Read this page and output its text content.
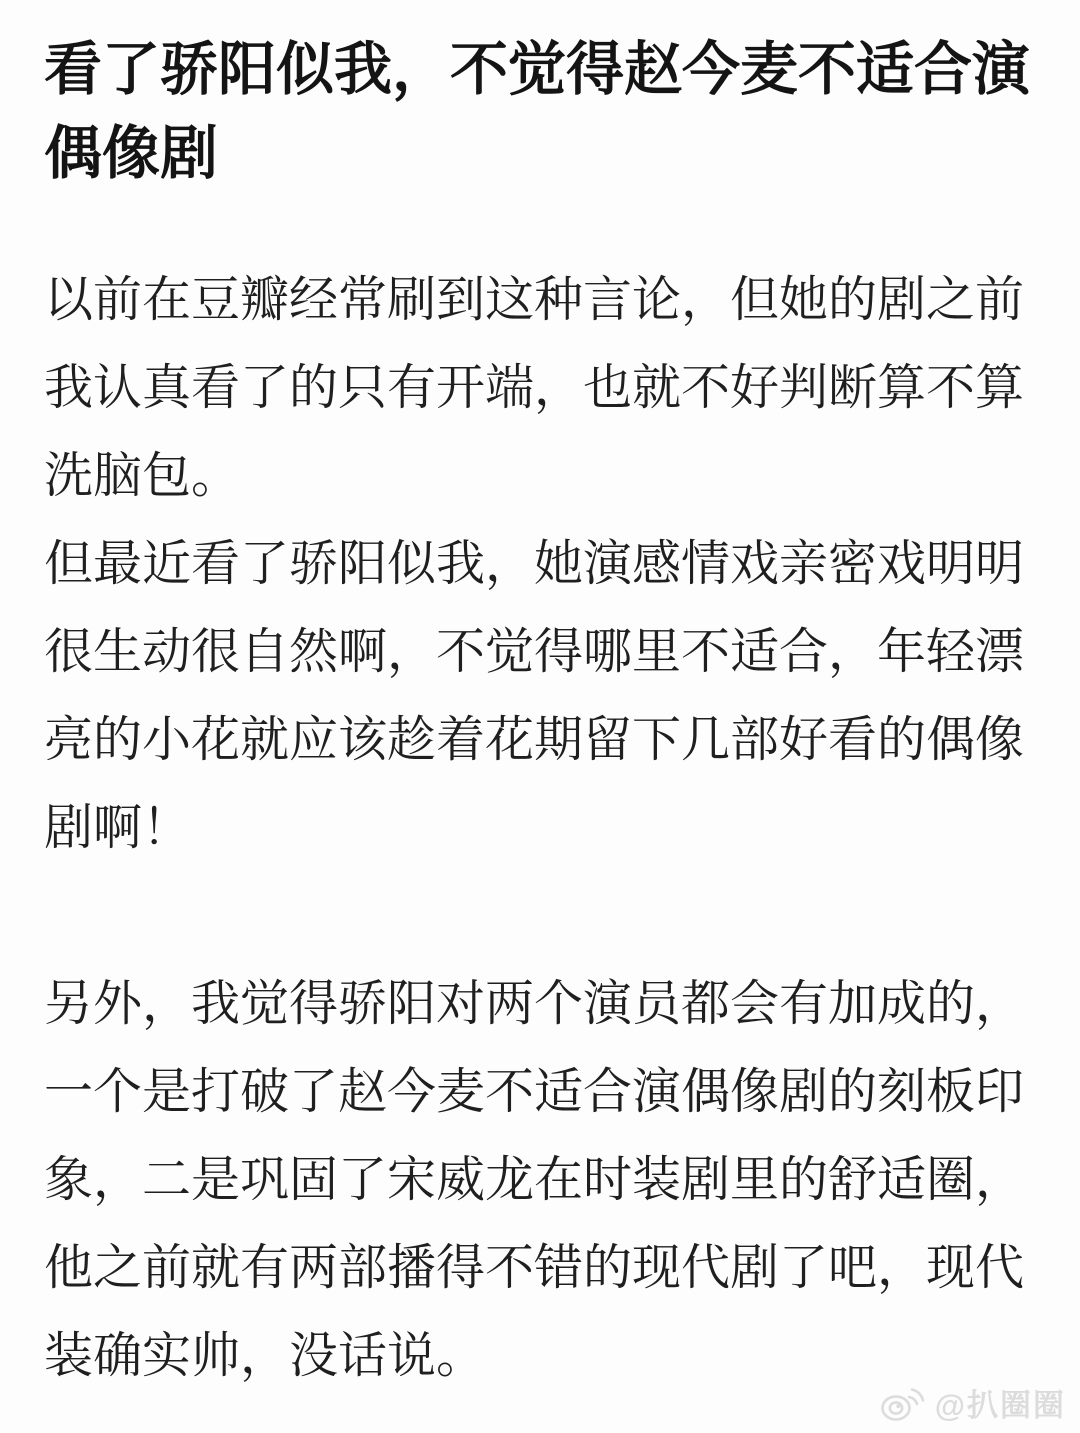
看了骄阳似我，不觉得赵今麦不适合演偶像剧

以前在豆瓣经常刷到这种言论，但她的剧之前我认真看了的只有开端，也就不好判断算不算洗脑包。

但最近看了骄阳似我，她演感情戏亲密戏明明很生动很自然啊，不觉得哪里不适合，年轻漂亮的小花就应该趁着花期留下几部好看的偶像剧啊！

另外，我觉得骄阳对两个演员都会有加成的，一个是打破了赵今麦不适合演偶像剧的刻板印象，二是巩固了宋威龙在时装剧里的舒适圈，他之前就有两部播得不错的现代剧了吧，现代装确实帅，没话说。

@扒圈圈
